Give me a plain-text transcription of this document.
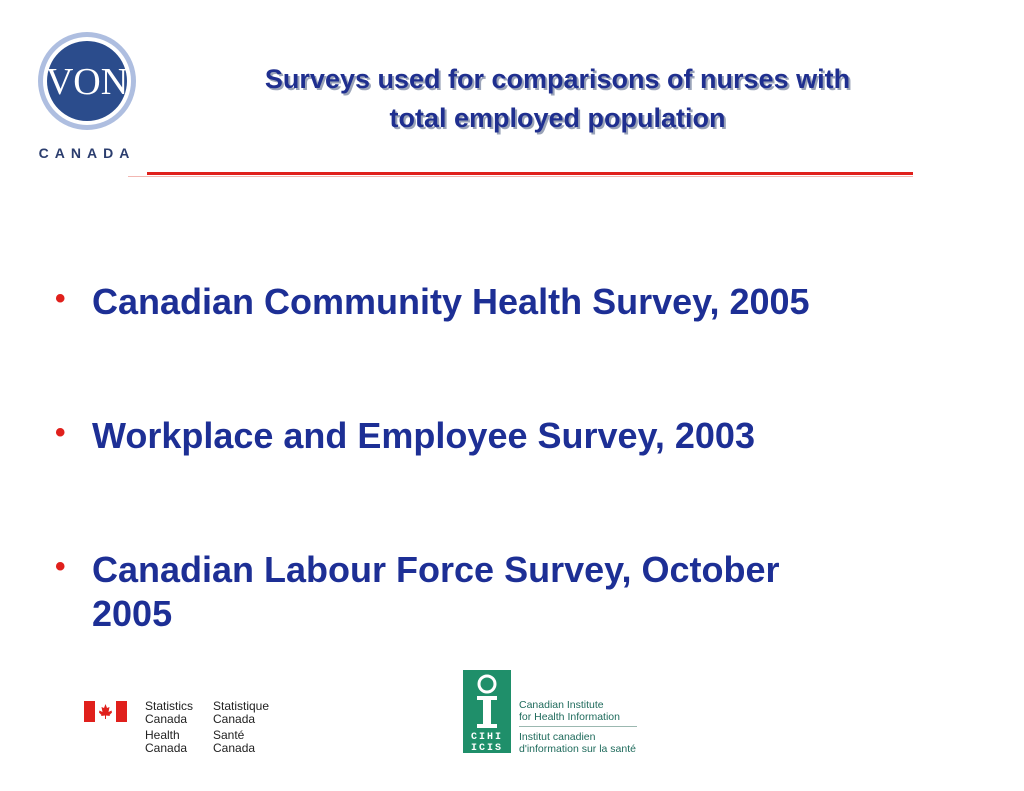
VON
CANADA
Surveys used for comparisons of nurses with
total employed population
• Canadian Community Health Survey, 2005
• Workplace and Employee Survey, 2003
• Canadian Labour Force Survey, October
2005
Statistics
Canada
Statistique
Canada
Health
Canada
Santé
Canada
CIHI
ICIS
Canadian Institute
for Health Information
Institut canadien
d'information sur la santé
